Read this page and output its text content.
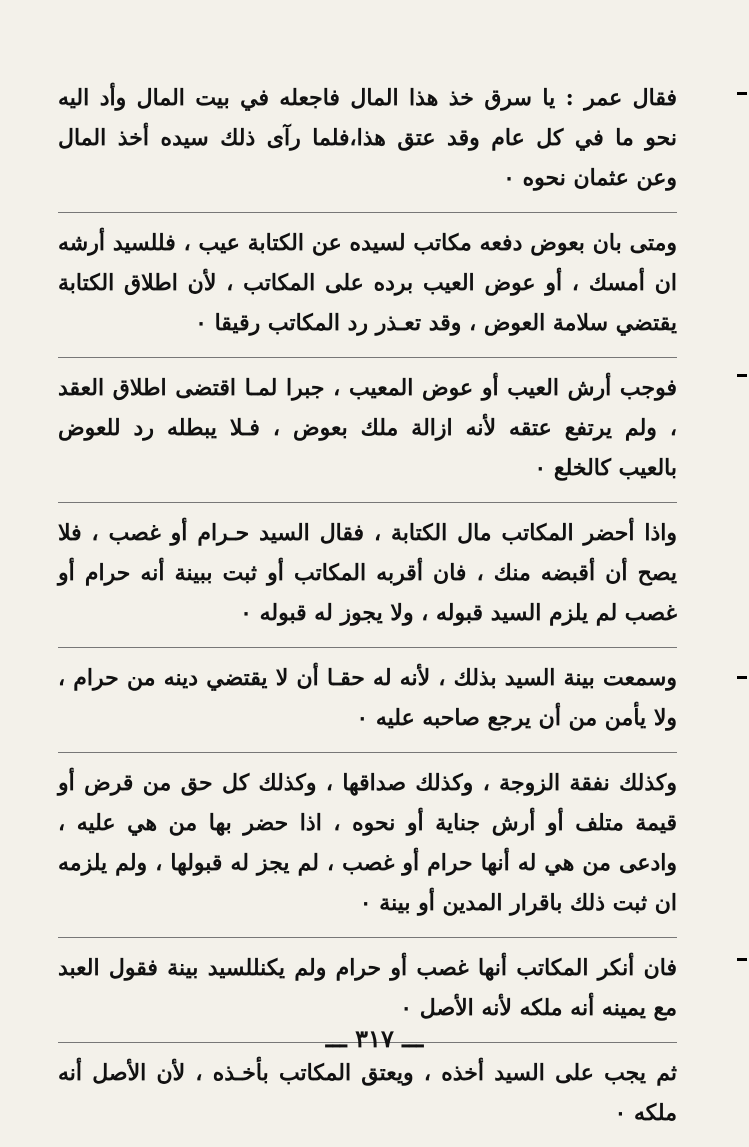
فقال عمر : يا سرق خذ هذا المال فاجعله في بيت المال وأد اليه نحو ما في كل عام وقد عتق هذا،فلما رآى ذلك سيده أخذ المال وعن عثمان نحوه ٠

ومتى بان بعوض دفعه مكاتب لسيده عن الكتابة عيب ، فللسيد أرشه ان أمسك ، أو عوض العيب برده على المكاتب ، لأن اطلاق الكتابة يقتضي سلامة العوض ، وقد تعـذر رد المكاتب رقيقا ٠

فوجب أرش العيب أو عوض المعيب ، جبرا لمـا اقتضى اطلاق العقد ، ولم يرتفع عتقه لأنه ازالة ملك بعوض ، فـلا يبطله رد للعوض بالعيب كالخلع ٠

واذا أحضر المكاتب مال الكتابة ، فقال السيد حـرام أو غصب ، فلا يصح أن أقبضه منك ، فان أقربه المكاتب أو ثبت ببينة أنه حرام أو غصب لم يلزم السيد قبوله ، ولا يجوز له قبوله ٠

وسمعت بينة السيد بذلك ، لأنه له حقـا أن لا يقتضي دينه من حرام ، ولا يأمن من أن يرجع صاحبه عليه ٠

وكذلك نفقة الزوجة ، وكذلك صداقها ، وكذلك كل حق من قرض أو قيمة متلف أو أرش جناية أو نحوه ، اذا حضر بها من هي عليه ، وادعى من هي له أنها حرام أو غصب ، لم يجز له قبولها ، ولم يلزمه ان ثبت ذلك باقرار المدين أو بينة ٠

فان أنكر المكاتب أنها غصب أو حرام ولم يكنللسيد بينة فقول العبد مع يمينه أنه ملكه لأنه الأصل ٠

ثم يجب على السيد أخذه ، ويعتق المكاتب بأخـذه ، لأن الأصل أنه ملكه ٠

ـــ ٣١٧ ـــ
